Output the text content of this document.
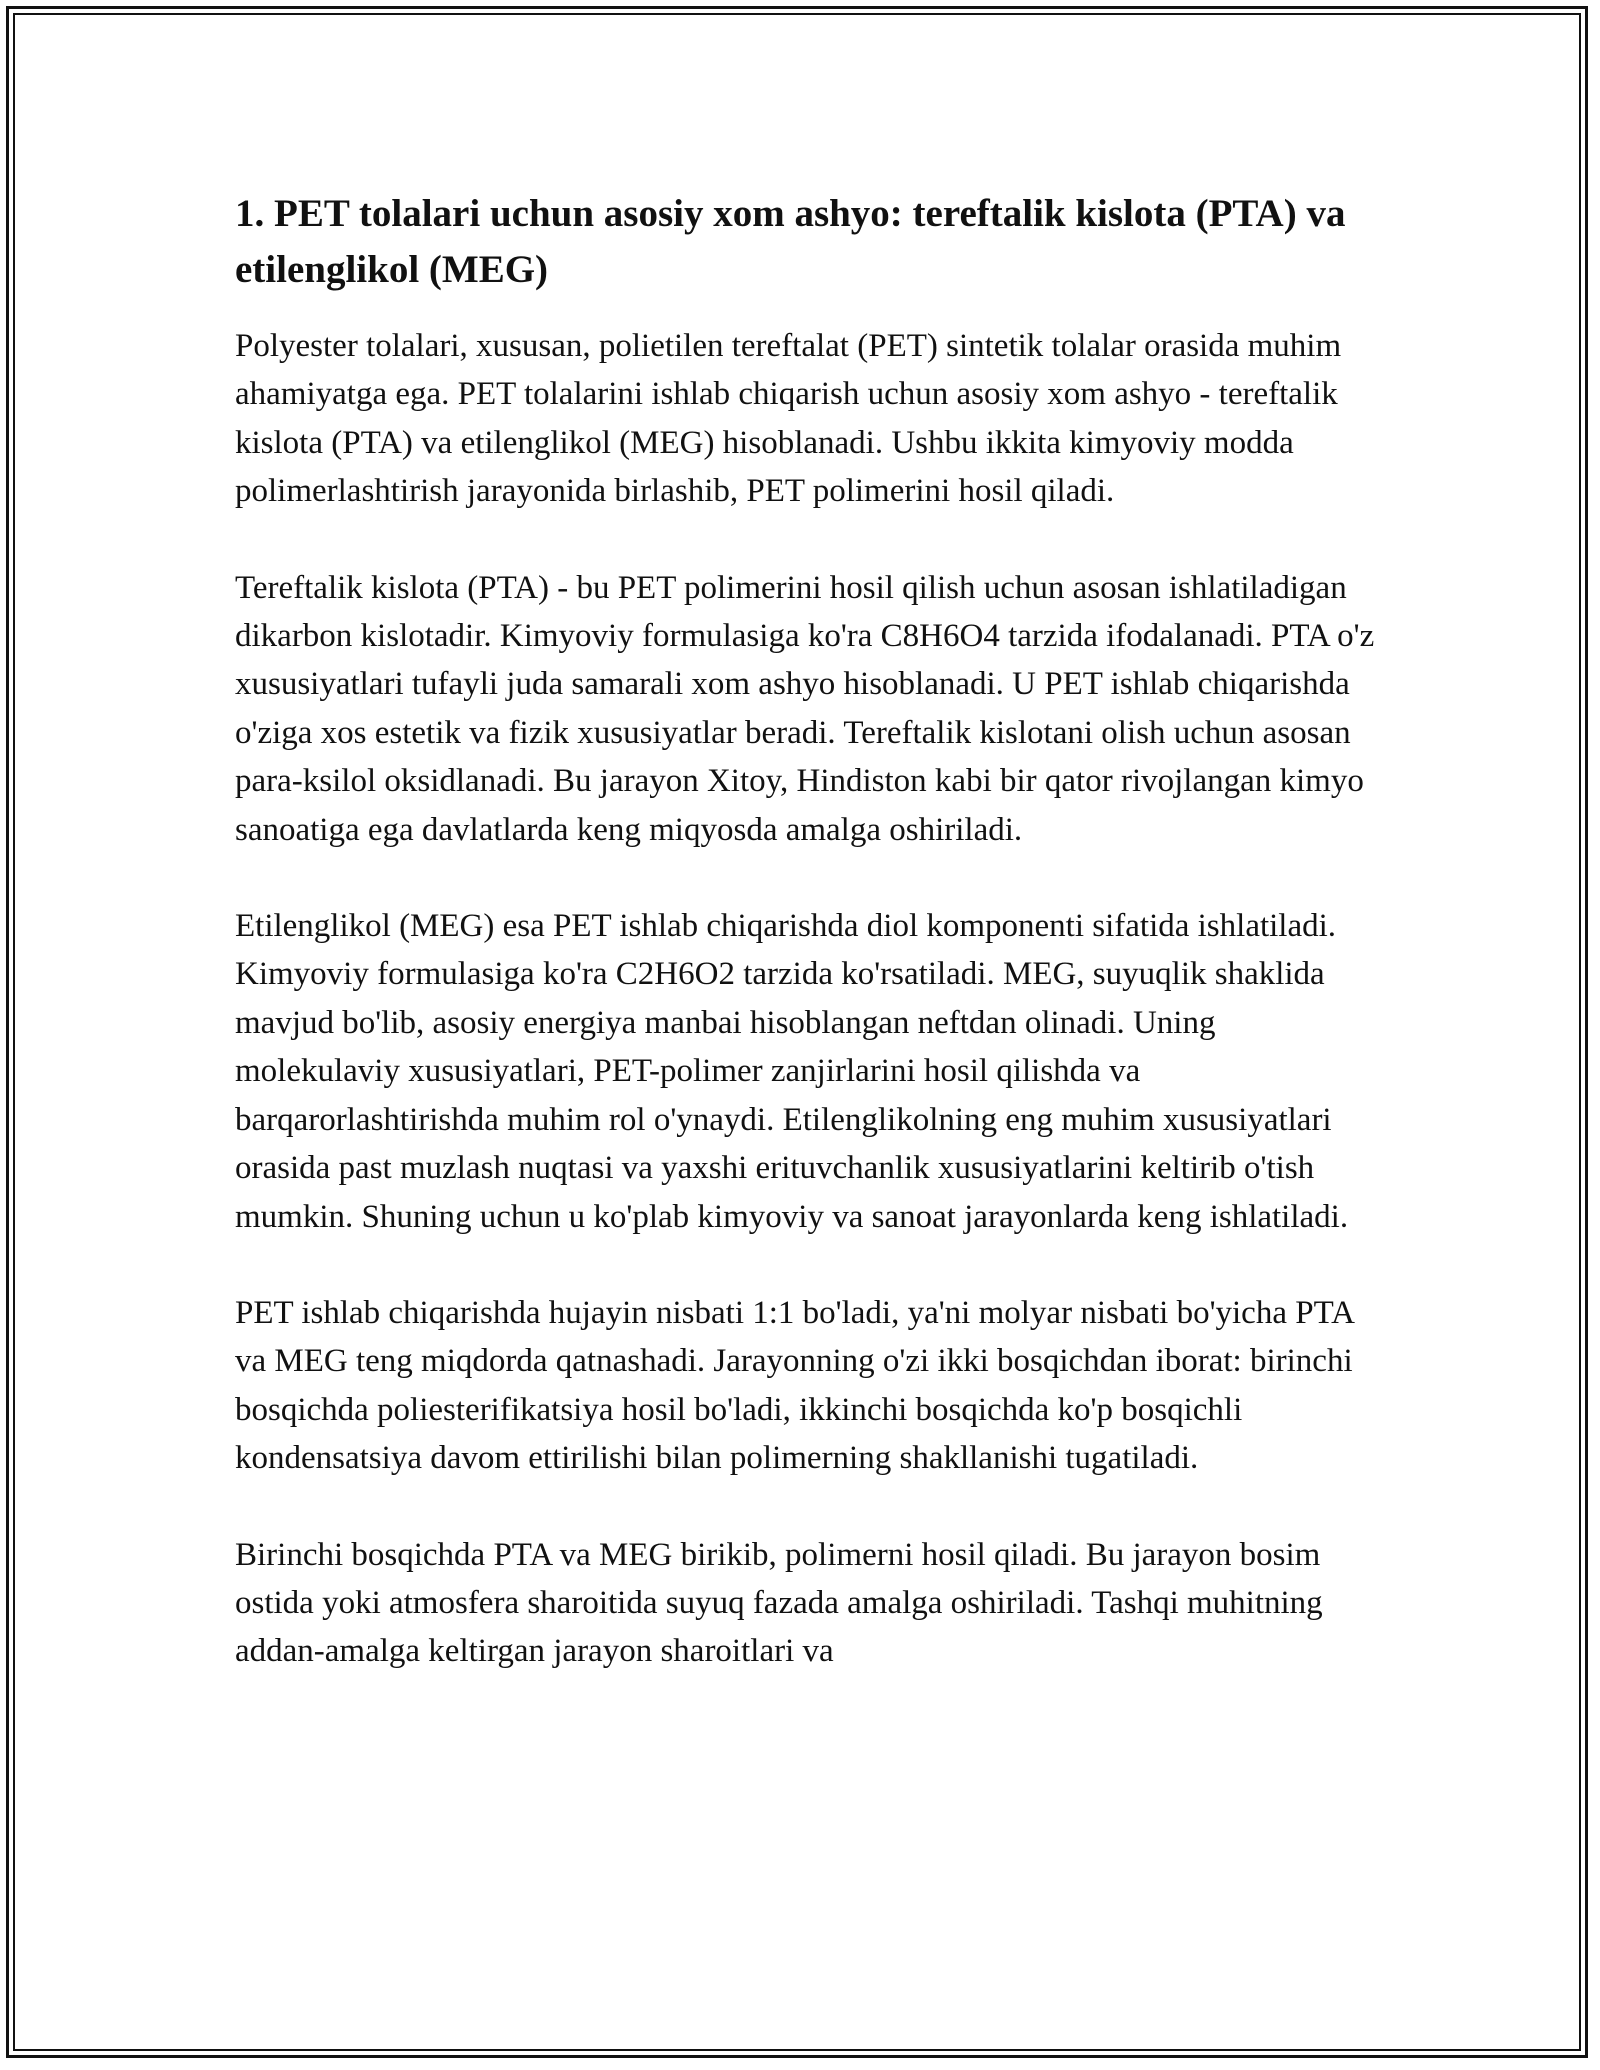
1. PET tolalari uchun asosiy xom ashyo: tereftalik kislota (PTA) va etilenglikol (MEG)

Polyester tolalari, xususan, polietilen tereftalat (PET) sintetik tolalar orasida muhim ahamiyatga ega. PET tolalarini ishlab chiqarish uchun asosiy xom ashyo - tereftalik kislota (PTA) va etilenglikol (MEG) hisoblanadi. Ushbu ikkita kimyoviy modda polimerlashtirish jarayonida birlashib, PET polimerini hosil qiladi.

Tereftalik kislota (PTA) - bu PET polimerini hosil qilish uchun asosan ishlatiladigan dikarbon kislotadir. Kimyoviy formulasiga ko'ra C8H6O4 tarzida ifodalanadi. PTA o'z xususiyatlari tufayli juda samarali xom ashyo hisoblanadi. U PET ishlab chiqarishda o'ziga xos estetik va fizik xususiyatlar beradi. Tereftalik kislotani olish uchun asosan para-ksilol oksidlanadi. Bu jarayon Xitoy, Hindiston kabi bir qator rivojlangan kimyo sanoatiga ega davlatlarda keng miqyosda amalga oshiriladi.

Etilenglikol (MEG) esa PET ishlab chiqarishda diol komponenti sifatida ishlatiladi. Kimyoviy formulasiga ko'ra C2H6O2 tarzida ko'rsatiladi. MEG, suyuqlik shaklida mavjud bo'lib, asosiy energiya manbai hisoblangan neftdan olinadi. Uning molekulaviy xususiyatlari, PET-polimer zanjirlarini hosil qilishda va barqarorlashtirishda muhim rol o'ynaydi. Etilenglikolning eng muhim xususiyatlari orasida past muzlash nuqtasi va yaxshi erituvchanlik xususiyatlarini keltirib o'tish mumkin. Shuning uchun u ko'plab kimyoviy va sanoat jarayonlarda keng ishlatiladi.

PET ishlab chiqarishda hujayin nisbati 1:1 bo'ladi, ya'ni molyar nisbati bo'yicha PTA va MEG teng miqdorda qatnashadi. Jarayonning o'zi ikki bosqichdan iborat: birinchi bosqichda poliesterifikatsiya hosil bo'ladi, ikkinchi bosqichda ko'p bosqichli kondensatsiya davom ettirilishi bilan polimerning shakllanishi tugatiladi.

Birinchi bosqichda PTA va MEG birikib, polimerni hosil qiladi. Bu jarayon bosim ostida yoki atmosfera sharoitida suyuq fazada amalga oshiriladi. Tashqi muhitning addan-amalga keltirgan jarayon sharoitlari va
